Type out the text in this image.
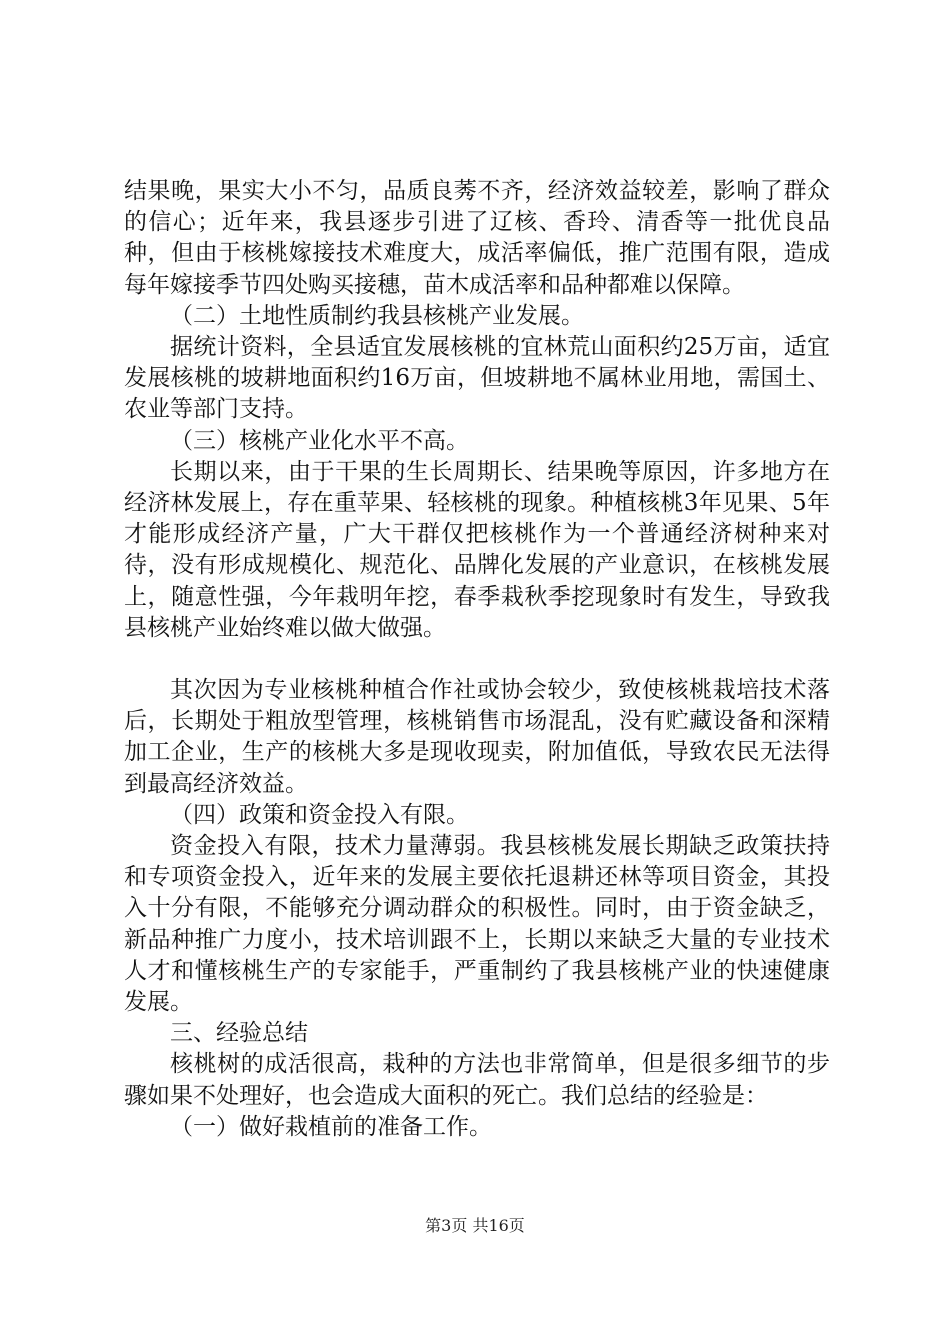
结果晚，果实大小不匀，品质良莠不齐，经济效益较差，影响了群众的信心；近年来，我县逐步引进了辽核、香玲、清香等一批优良品种，但由于核桃嫁接技术难度大，成活率偏低，推广范围有限，造成每年嫁接季节四处购买接穗，苗木成活率和品种都难以保障。

（二）土地性质制约我县核桃产业发展。

据统计资料，全县适宜发展核桃的宜林荒山面积约25万亩，适宜发展核桃的坡耕地面积约16万亩，但坡耕地不属林业用地，需国土、农业等部门支持。

（三）核桃产业化水平不高。

长期以来，由于干果的生长周期长、结果晚等原因，许多地方在经济林发展上，存在重苹果、轻核桃的现象。种植核桃3年见果、5年才能形成经济产量，广大干群仅把核桃作为一个普通经济树种来对待，没有形成规模化、规范化、品牌化发展的产业意识，在核桃发展上，随意性强，今年栽明年挖，春季栽秋季挖现象时有发生，导致我县核桃产业始终难以做大做强。

其次因为专业核桃种植合作社或协会较少，致使核桃栽培技术落后，长期处于粗放型管理，核桃销售市场混乱，没有贮藏设备和深精加工企业，生产的核桃大多是现收现卖，附加值低，导致农民无法得到最高经济效益。

（四）政策和资金投入有限。

资金投入有限，技术力量薄弱。我县核桃发展长期缺乏政策扶持和专项资金投入，近年来的发展主要依托退耕还林等项目资金，其投入十分有限，不能够充分调动群众的积极性。同时，由于资金缺乏，新品种推广力度小，技术培训跟不上，长期以来缺乏大量的专业技术人才和懂核桃生产的专家能手，严重制约了我县核桃产业的快速健康发展。

三、经验总结

核桃树的成活很高，栽种的方法也非常简单，但是很多细节的步骤如果不处理好，也会造成大面积的死亡。我们总结的经验是：

（一）做好栽植前的准备工作。

第3页 共16页
